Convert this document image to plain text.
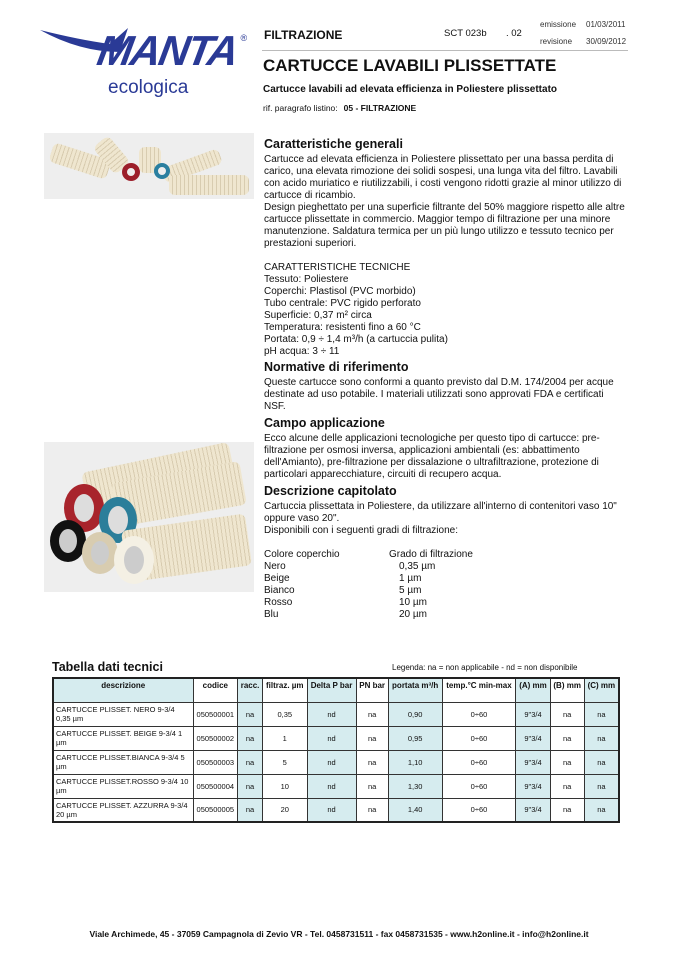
MANTA ®
ecologica
FILTRAZIONE	SCT 023b . 02
emissione 01/03/2011
revisione 30/09/2012
CARTUCCE LAVABILI PLISSETTATE
Cartucce lavabili ad elevata efficienza in Poliestere plissettato
rif. paragrafo listino: 05 - FILTRAZIONE
Caratteristiche generali

Cartucce ad elevata efficienza in Poliestere plissettato per una bassa perdita di carico, una elevata rimozione dei solidi sospesi, una lunga vita del filtro. Lavabili con acido muriatico e riutilizzabili, i costi vengono ridotti grazie al minor utilizzo di cartucce di ricambio.

Design pieghettato per una superficie filtrante del 50% maggiore rispetto alle altre cartucce plissettate in commercio. Maggior tempo di filtrazione per una minore manutenzione. Saldatura termica per un più lungo utilizzo e tessuto tecnico per prestazioni superiori.

CARATTERISTICHE TECNICHE

Tessuto: Poliestere
Coperchi: Plastisol (PVC morbido)
Tubo centrale: PVC rigido perforato
Superficie: 0,37 m² circa
Temperatura: resistenti fino a 60 °C
Portata: 0,9 ÷ 1,4 m³/h (a cartuccia pulita)
pH acqua: 3 ÷ 11
Normative di riferimento

Queste cartucce sono conformi a quanto previsto dal D.M. 174/2004 per acque destinate ad uso potabile. I materiali utilizzati sono approvati FDA e certificati NSF.

Campo applicazione

Ecco alcune delle applicazioni tecnologiche per questo tipo di cartucce: pre-filtrazione per osmosi inversa, applicazioni ambientali (es: abbattimento dell'Amianto), pre-filtrazione per dissalazione o ultrafiltrazione, protezione di particolari apparecchiature, circuiti di recupero acqua.

Descrizione capitolato

Cartuccia plissettata in Poliestere, da utilizzare all'interno di contenitori vaso 10" oppure vaso 20".

Disponibili con i seguenti gradi di filtrazione:

Colore coperchio	Grado di filtrazione
Nero	0,35 µm
Beige	1 µm
Bianco	5 µm
Rosso	10 µm
Blu	20 µm
Tabella dati tecnici	Legenda: na = non applicabile - nd = non disponibile
descrizione	codice	racc.	filtraz. µm	Delta P bar	PN bar	portata m³/h	temp.°C min-max	(A) mm	(B) mm	(C) mm
CARTUCCE PLISSET. NERO 9-3/4 0,35 µm	050500001	na	0,35	nd	na	0,90	0÷60	9"3/4	na	na
CARTUCCE PLISSET. BEIGE 9-3/4 1 µm	050500002	na	1	nd	na	0,95	0÷60	9"3/4	na	na
CARTUCCE PLISSET.BIANCA 9-3/4 5 µm	050500003	na	5	nd	na	1,10	0÷60	9"3/4	na	na
CARTUCCE PLISSET.ROSSO 9-3/4 10 µm	050500004	na	10	nd	na	1,30	0÷60	9"3/4	na	na
CARTUCCE PLISSET. AZZURRA 9-3/4 20 µm	050500005	na	20	nd	na	1,40	0÷60	9"3/4	na	na
Viale Archimede, 45 - 37059 Campagnola di Zevio VR - Tel. 0458731511 - fax 0458731535 - www.h2online.it - info@h2online.it
